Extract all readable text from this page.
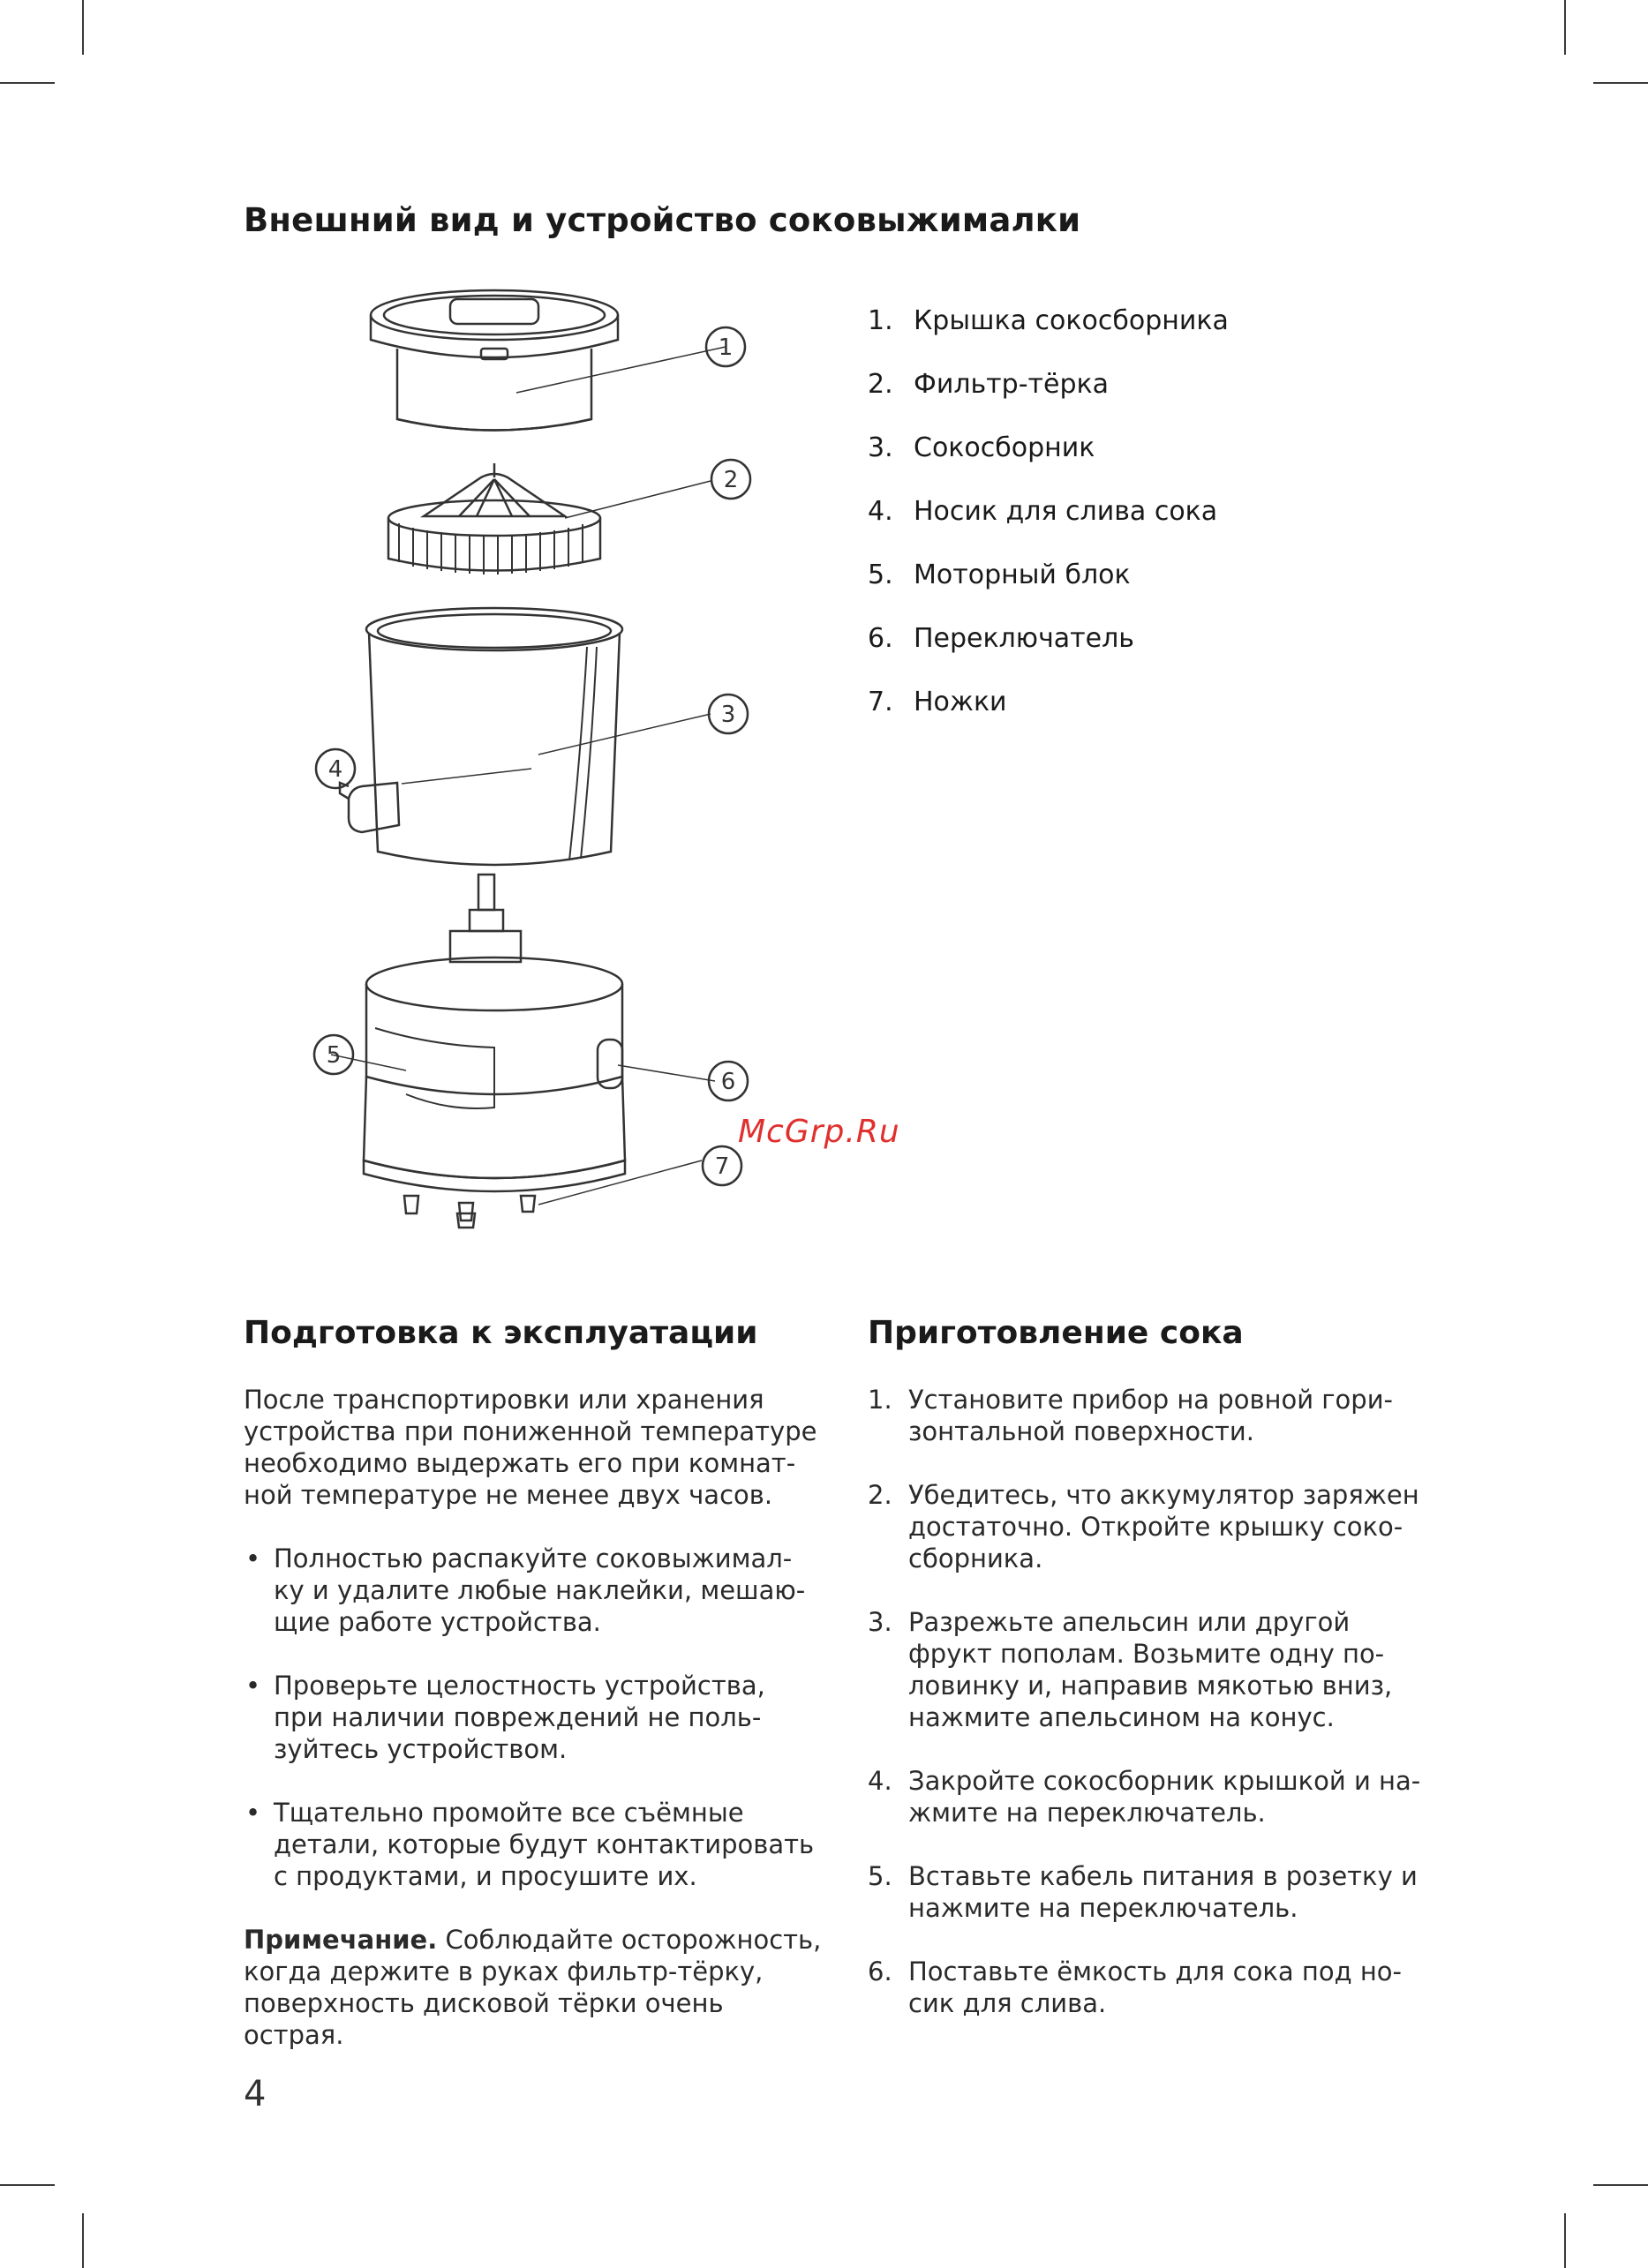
Внешний вид и устройство соковыжималки
1
2
3
4
5
6
7
1. Крышка сокосборника
2. Фильтр-тёрка
3. Сокосборник
4. Носик для слива сока
5. Моторный блок
6. Переключатель
7. Ножки
McGrp.Ru
Подготовка к эксплуатации

После транспортировки или хранения
устройства при пониженной температуре
необходимо выдержать его при комнат-
ной температуре не менее двух часов.

• Полностью распакуйте соковыжимал-
ку и удалите любые наклейки, мешаю-
щие работе устройства.

• Проверьте целостность устройства,
при наличии повреждений не поль-
зуйтесь устройством.

• Тщательно промойте все съёмные
детали, которые будут контактировать
с продуктами, и просушите их.

Примечание. Соблюдайте осторожность,
когда держите в руках фильтр-тёрку,
поверхность дисковой тёрки очень
острая.

Приготовление сока

1. Установите прибор на ровной гори-
зонтальной поверхности.

2. Убедитесь, что аккумулятор заряжен
достаточно. Откройте крышку соко-
сборника.

3. Разрежьте апельсин или другой
фрукт пополам. Возьмите одну по-
ловинку и, направив мякотью вниз,
нажмите апельсином на конус.

4. Закройте сокосборник крышкой и на-
жмите на переключатель.

5. Вставьте кабель питания в розетку и
нажмите на переключатель.

6. Поставьте ёмкость для сока под но-
сик для слива.

4
